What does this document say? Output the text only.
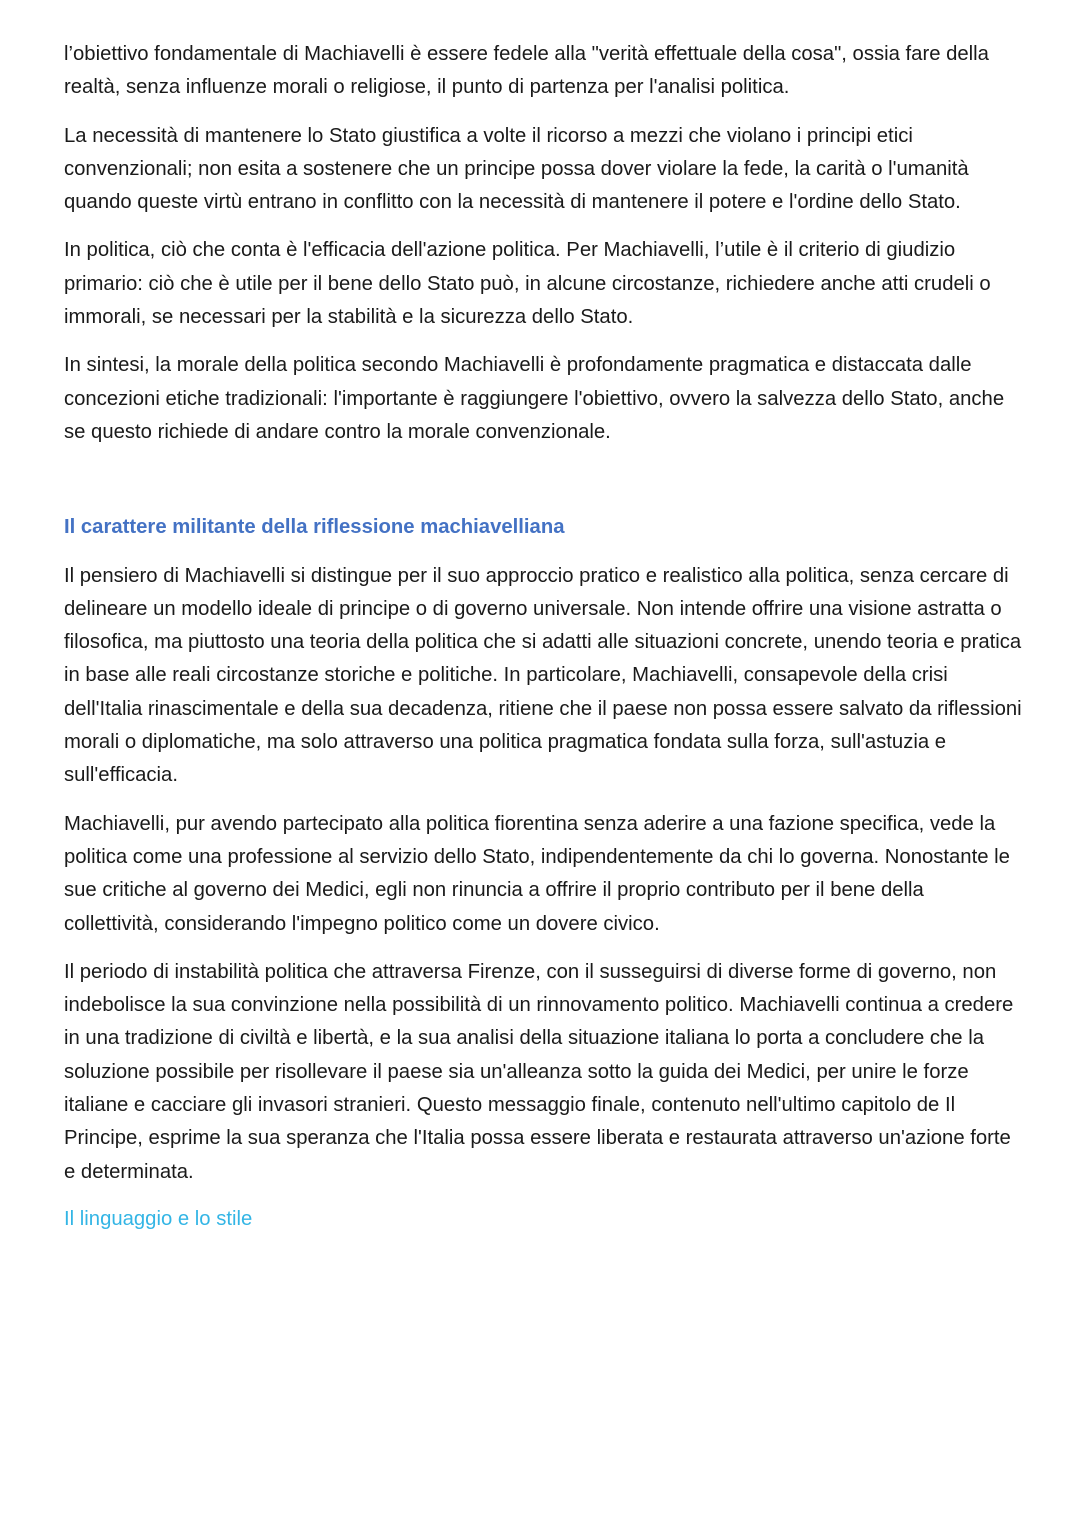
l’obiettivo fondamentale di Machiavelli è essere fedele alla "verità effettuale della cosa", ossia fare della realtà, senza influenze morali o religiose, il punto di partenza per l'analisi politica.

La necessità di mantenere lo Stato giustifica a volte il ricorso a mezzi che violano i principi etici convenzionali; non esita a sostenere che un principe possa dover violare la fede, la carità o l'umanità quando queste virtù entrano in conflitto con la necessità di mantenere il potere e l'ordine dello Stato.

In politica, ciò che conta è l'efficacia dell'azione politica. Per Machiavelli, l’utile è il criterio di giudizio primario: ciò che è utile per il bene dello Stato può, in alcune circostanze, richiedere anche atti crudeli o immorali, se necessari per la stabilità e la sicurezza dello Stato.

In sintesi, la morale della politica secondo Machiavelli è profondamente pragmatica e distaccata dalle concezioni etiche tradizionali: l'importante è raggiungere l'obiettivo, ovvero la salvezza dello Stato, anche se questo richiede di andare contro la morale convenzionale.

Il carattere militante della riflessione machiavelliana

Il pensiero di Machiavelli si distingue per il suo approccio pratico e realistico alla politica, senza cercare di delineare un modello ideale di principe o di governo universale. Non intende offrire una visione astratta o filosofica, ma piuttosto una teoria della politica che si adatti alle situazioni concrete, unendo teoria e pratica in base alle reali circostanze storiche e politiche. In particolare, Machiavelli, consapevole della crisi dell'Italia rinascimentale e della sua decadenza, ritiene che il paese non possa essere salvato da riflessioni morali o diplomatiche, ma solo attraverso una politica pragmatica fondata sulla forza, sull'astuzia e sull'efficacia.

Machiavelli, pur avendo partecipato alla politica fiorentina senza aderire a una fazione specifica, vede la politica come una professione al servizio dello Stato, indipendentemente da chi lo governa. Nonostante le sue critiche al governo dei Medici, egli non rinuncia a offrire il proprio contributo per il bene della collettività, considerando l'impegno politico come un dovere civico.

Il periodo di instabilità politica che attraversa Firenze, con il susseguirsi di diverse forme di governo, non indebolisce la sua convinzione nella possibilità di un rinnovamento politico. Machiavelli continua a credere in una tradizione di civiltà e libertà, e la sua analisi della situazione italiana lo porta a concludere che la soluzione possibile per risollevare il paese sia un'alleanza sotto la guida dei Medici, per unire le forze italiane e cacciare gli invasori stranieri. Questo messaggio finale, contenuto nell'ultimo capitolo de Il Principe, esprime la sua speranza che l'Italia possa essere liberata e restaurata attraverso un'azione forte e determinata.

Il linguaggio e lo stile
